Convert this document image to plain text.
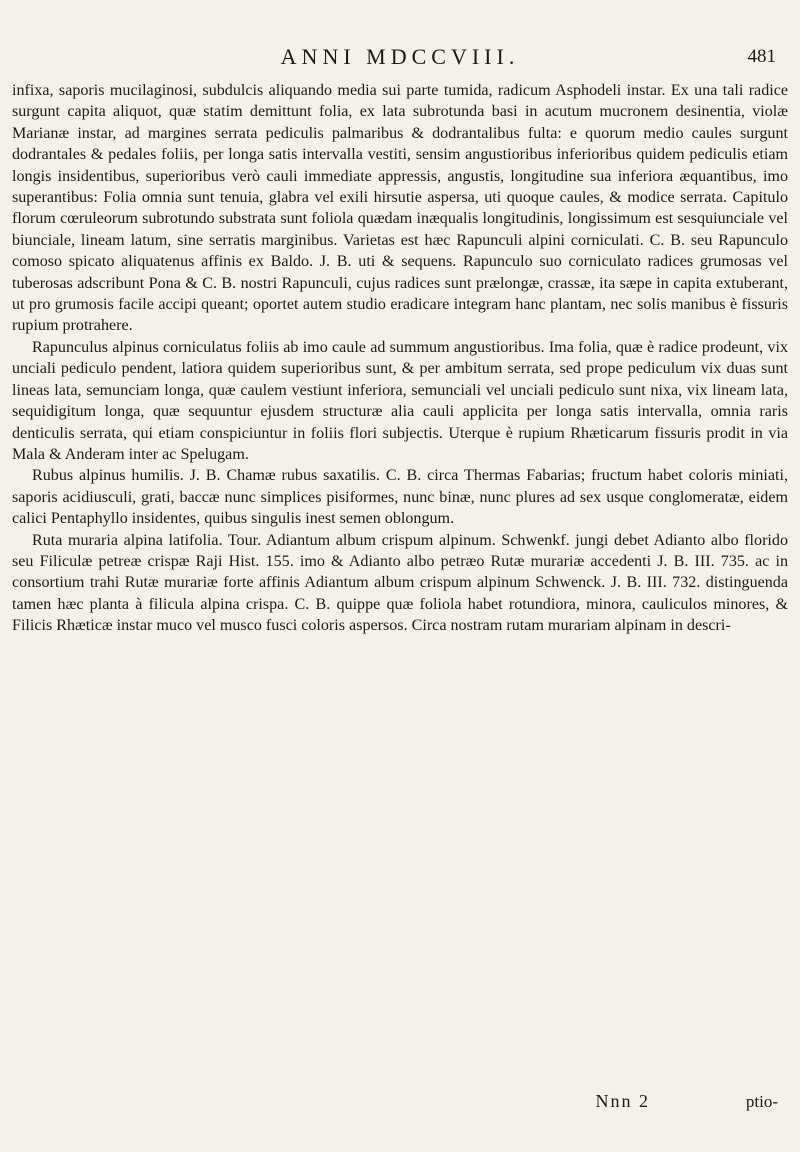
ANNI MDCCVIII.	481

infixa, saporis mucilaginosi, subdulcis aliquando media sui parte tumida, radicum Asphodeli instar. Ex una tali radice surgunt capita aliquot, quæ statim demittunt folia, ex lata subrotunda basi in acutum mucronem desinentia, violæ Marianæ instar, ad margines serrata pediculis palmaribus & dodrantalibus fulta: e quorum medio caules surgunt dodrantales & pedales foliis, per longa satis intervalla vestiti, sensim angustioribus inferioribus quidem pediculis etiam longis insidentibus, superioribus verò cauli immediate appressis, angustis, longitudine sua inferiora æquantibus, imo superantibus: Folia omnia sunt tenuia, glabra vel exili hirsutie aspersa, uti quoque caules, & modice serrata. Capitulo florum cœruleorum subrotundo substrata sunt foliola quædam inæqualis longitudinis, longissimum est sesquiunciale vel biunciale, lineam latum, sine serratis marginibus. Varietas est hæc Rapunculi alpini corniculati. C. B. seu Rapunculo comoso spicato aliquatenus affinis ex Baldo. J. B. uti & sequens. Rapunculo suo corniculato radices grumosas vel tuberosas adscribunt Pona & C. B. nostri Rapunculi, cujus radices sunt prælongæ, crassæ, ita sæpe in capita extuberant, ut pro grumosis facile accipi queant; oportet autem studio eradicare integram hanc plantam, nec solis manibus è fissuris rupium protrahere.

Rapunculus alpinus corniculatus foliis ab imo caule ad summum angustioribus. Ima folia, quæ è radice prodeunt, vix unciali pediculo pendent, latiora quidem superioribus sunt, & per ambitum serrata, sed prope pediculum vix duas sunt lineas lata, semunciam longa, quæ caulem vestiunt inferiora, semunciali vel unciali pediculo sunt nixa, vix lineam lata, sequidigitum longa, quæ sequuntur ejusdem structuræ alia cauli applicita per longa satis intervalla, omnia raris denticulis serrata, qui etiam conspiciuntur in foliis flori subjectis. Uterque è rupium Rhæticarum fissuris prodit in via Mala & Anderam inter ac Spelugam.

Rubus alpinus humilis. J. B. Chamæ rubus saxatilis. C. B. circa Thermas Fabarias; fructum habet coloris miniati, saporis acidiusculi, grati, baccæ nunc simplices pisiformes, nunc binæ, nunc plures ad sex usque conglomeratæ, eidem calici Pentaphyllo insidentes, quibus singulis inest semen oblongum.

Ruta muraria alpina latifolia. Tour. Adiantum album crispum alpinum. Schwenkf. jungi debet Adianto albo florido seu Filiculæ petreæ crispæ Raji Hist. 155. imo & Adianto albo petræo Rutæ murariæ accedenti J. B. III. 735. ac in consortium trahi Rutæ murariæ forte affinis Adiantum album crispum alpinum Schwenck. J. B. III. 732. distinguenda tamen hæc planta à filicula alpina crispa. C. B. quippe quæ foliola habet rotundiora, minora, cauliculos minores, & Filicis Rhæticæ instar muco vel musco fusci coloris aspersos. Circa nostram rutam murariam alpinam in descri-

Nnn 2	ptio-
